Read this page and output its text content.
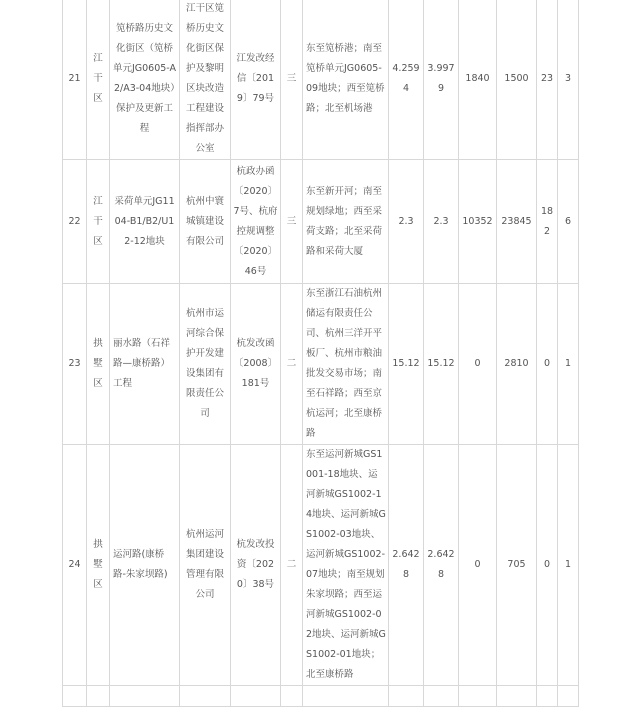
21	江干区	笕桥路历史文化街区（笕桥单元JG0605-A2/A3-04地块）保护及更新工程	江干区笕桥历史文化街区保护及黎明区块改造工程建设指挥部办公室	江发改经信〔2019〕79号	三	东至笕桥港；南至笕桥单元JG0605-09地块；西至笕桥路；北至机场港	4.2594	3.9979	1840	1500	23	3
22	江干区	采荷单元JG1104-B1/B2/U12-12地块	杭州中寰城镇建设有限公司	杭政办函〔2020〕7号、杭府控规调整〔2020〕46号	三	东至新开河；南至规划绿地；西至采荷支路；北至采荷路和采荷大厦	2.3	2.3	10352	23845	182	6
23	拱墅区	丽水路（石祥路—康桥路）工程	杭州市运河综合保护开发建设集团有限责任公司	杭发改函〔2008〕181号	二	东至浙江石油杭州储运有限责任公司、杭州三洋开平板厂、杭州市粮油批发交易市场；南至石祥路；西至京杭运河；北至康桥路	15.12	15.12	0	2810	0	1
24	拱墅区	运河路(康桥路-朱家坝路)	杭州运河集团建设管理有限公司	杭发改投资〔2020〕38号	二	东至运河新城GS1001-18地块、运河新城GS1002-14地块、运河新城GS1002-03地块、运河新城GS1002-07地块；南至规划朱家坝路；西至运河新城GS1002-02地块、运河新城GS1002-01地块；北至康桥路	2.6428	2.6428	0	705	0	1
